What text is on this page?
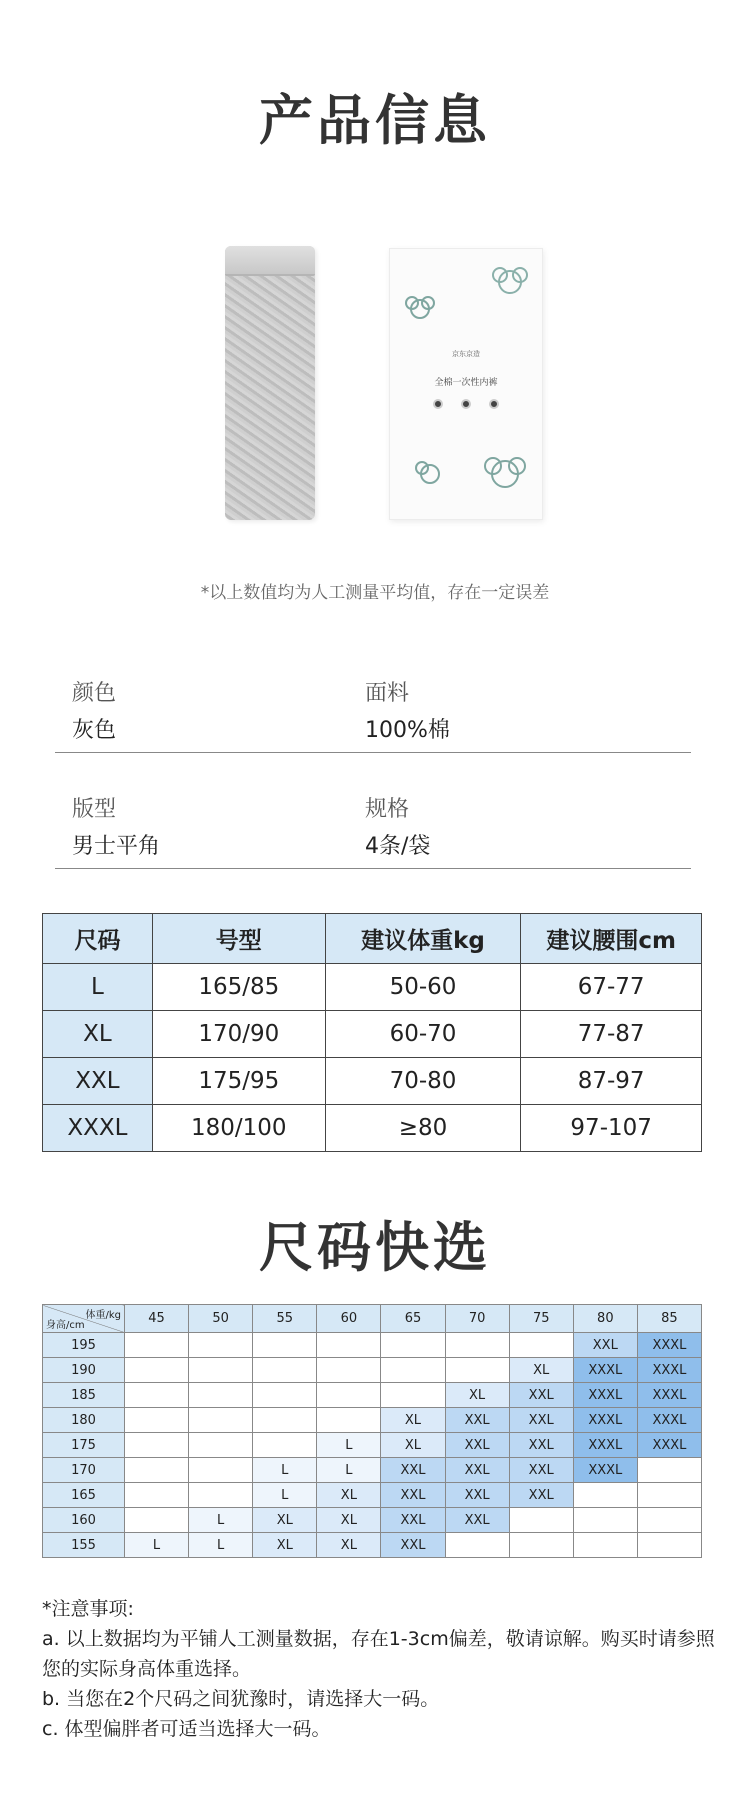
产品信息
京东京造
全棉一次性内裤
*以上数值均为人工测量平均值，存在一定误差
颜色
灰色
面料
100%棉
版型
男士平角
规格
4条/袋
尺码	号型	建议体重kg	建议腰围cm
L	165/85	50-60	67-77
XL	170/90	60-70	77-87
XXL	175/95	70-80	87-97
XXXL	180/100	≥80	97-107
尺码快选
体重/kg
身高/cm	45	50	55	60	65	70	75	80	85
195								XXL	XXXL
190							XL	XXXL	XXXL
185						XL	XXL	XXXL	XXXL
180					XL	XXL	XXL	XXXL	XXXL
175				L	XL	XXL	XXL	XXXL	XXXL
170			L	L	XXL	XXL	XXL	XXXL	
165			L	XL	XXL	XXL	XXL		
160		L	XL	XL	XXL	XXL			
155	L	L	XL	XL	XXL				
*注意事项:
a. 以上数据均为平铺人工测量数据，存在1-3cm偏差，敬请谅解。购买时请参照您的实际身高体重选择。
b. 当您在2个尺码之间犹豫时，请选择大一码。
c. 体型偏胖者可适当选择大一码。
